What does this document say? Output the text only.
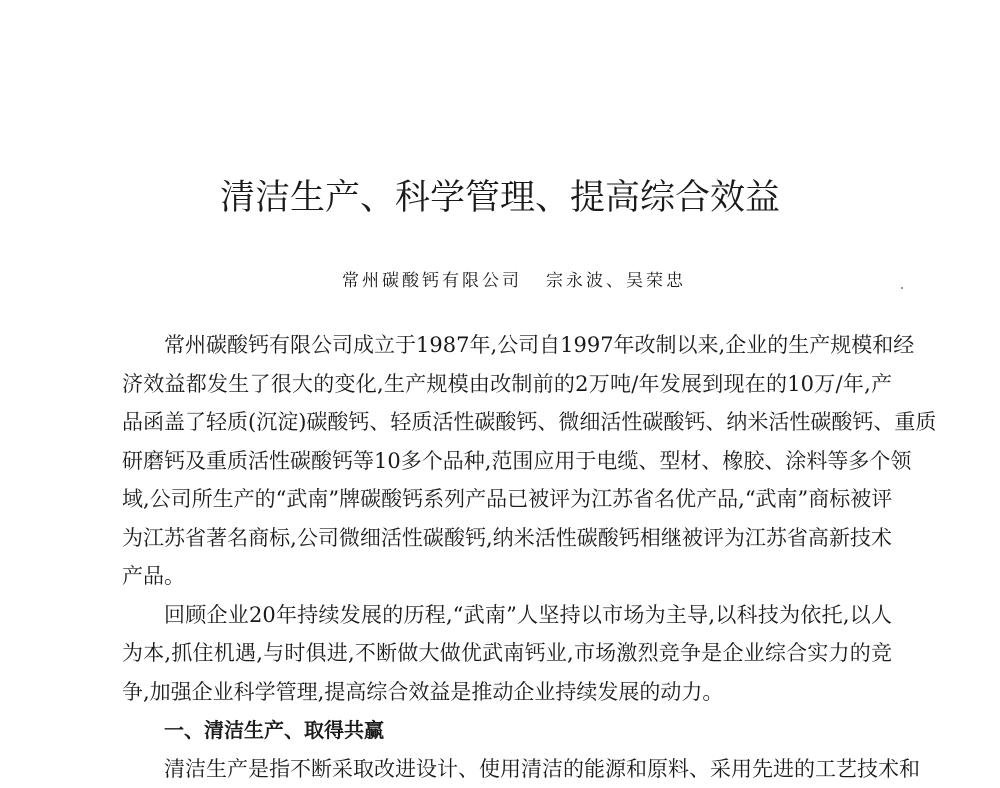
清洁生产、科学管理、提高综合效益
常州碳酸钙有限公司 宗永波、吴荣忠
常州碳酸钙有限公司成立于1987年,公司自1997年改制以来,企业的生产规模和经
济效益都发生了很大的变化,生产规模由改制前的2万吨/年发展到现在的10万/年,产
品函盖了轻质(沉淀)碳酸钙、轻质活性碳酸钙、微细活性碳酸钙、纳米活性碳酸钙、重质
研磨钙及重质活性碳酸钙等10多个品种,范围应用于电缆、型材、橡胶、涂料等多个领
域,公司所生产的“武南”牌碳酸钙系列产品已被评为江苏省名优产品,“武南”商标被评
为江苏省著名商标,公司微细活性碳酸钙,纳米活性碳酸钙相继被评为江苏省高新技术
产品。
回顾企业20年持续发展的历程,“武南”人坚持以市场为主导,以科技为依托,以人
为本,抓住机遇,与时俱进,不断做大做优武南钙业,市场激烈竞争是企业综合实力的竞
争,加强企业科学管理,提高综合效益是推动企业持续发展的动力。
一、清洁生产、取得共赢
清洁生产是指不断采取改进设计、使用清洁的能源和原料、采用先进的工艺技术和
